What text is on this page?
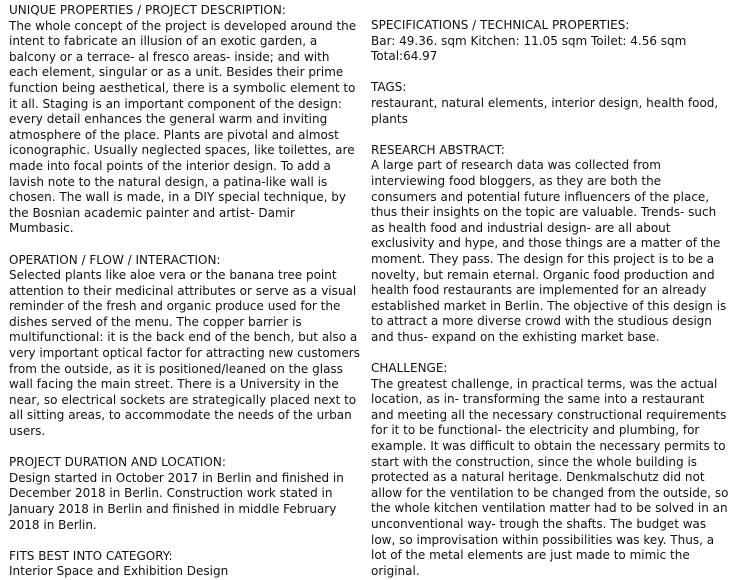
UNIQUE PROPERTIES / PROJECT DESCRIPTION:

The whole concept of the project is developed around the intent to fabricate an illusion of an exotic garden, a balcony or a terrace- al fresco areas- inside; and with each element, singular or as a unit. Besides their prime function being aesthetical, there is a symbolic element to it all. Staging is an important component of the design: every detail enhances the general warm and inviting atmosphere of the place. Plants are pivotal and almost iconographic. Usually neglected spaces, like toilettes, are made into focal points of the interior design. To add a lavish note to the natural design, a patina-like wall is chosen. The wall is made, in a DIY special technique, by the Bosnian academic painter and artist- Damir Mumbasic.

OPERATION / FLOW / INTERACTION:

Selected plants like aloe vera or the banana tree point attention to their medicinal attributes or serve as a visual reminder of the fresh and organic produce used for the dishes served of the menu. The copper barrier is multifunctional: it is the back end of the bench, but also a very important optical factor for attracting new customers from the outside, as it is positioned/leaned on the glass wall facing the main street. There is a University in the near, so electrical sockets are strategically placed next to all sitting areas, to accommodate the needs of the urban users.

PROJECT DURATION AND LOCATION:

Design started in October 2017 in Berlin and finished in December 2018 in Berlin. Construction work stated in January 2018 in Berlin and finished in middle February 2018 in Berlin.

FITS BEST INTO CATEGORY:

Interior Space and Exhibition Design

SPECIFICATIONS / TECHNICAL PROPERTIES:

Bar: 49.36. sqm Kitchen: 11.05 sqm Toilet: 4.56 sqm

Total:64.97

TAGS:

restaurant, natural elements, interior design, health food, plants

RESEARCH ABSTRACT:

A large part of research data was collected from interviewing food bloggers, as they are both the consumers and potential future influencers of the place, thus their insights on the topic are valuable. Trends- such as health food and industrial design- are all about exclusivity and hype, and those things are a matter of the moment. They pass. The design for this project is to be a novelty, but remain eternal. Organic food production and health food restaurants are implemented for an already established market in Berlin. The objective of this design is to attract a more diverse crowd with the studious design and thus- expand on the exhisting market base.

CHALLENGE:

The greatest challenge, in practical terms, was the actual location, as in- transforming the same into a restaurant and meeting all the necessary constructional requirements for it to be functional- the electricity and plumbing, for example. It was difficult to obtain the necessary permits to start with the construction, since the whole building is protected as a natural heritage. Denkmalschutz did not allow for the ventilation to be changed from the outside, so the whole kitchen ventilation matter had to be solved in an unconventional way- trough the shafts. The budget was low, so improvisation within possibilities was key. Thus, a lot of the metal elements are just made to mimic the original.
